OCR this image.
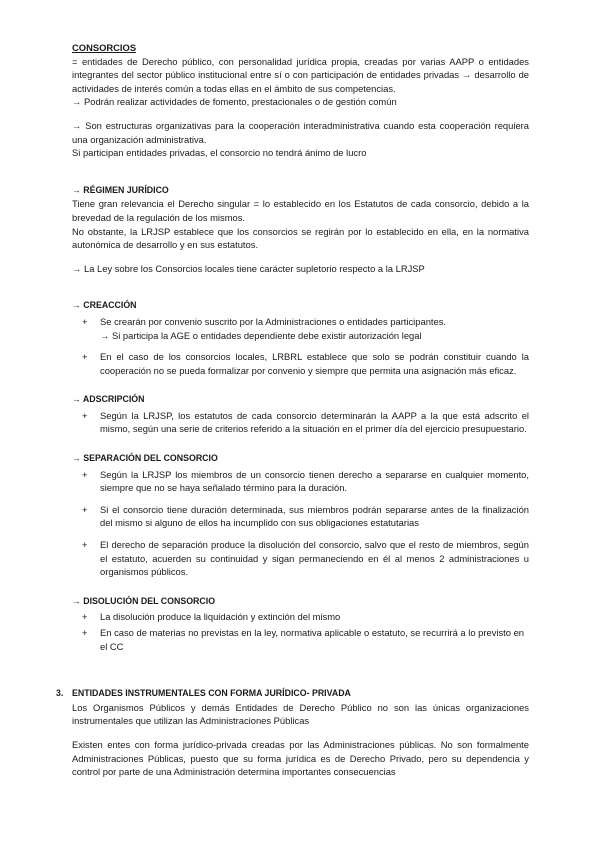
CONSORCIOS

= entidades de Derecho público, con personalidad jurídica propia, creadas por varias AAPP o entidades integrantes del sector público institucional entre sí o con participación de entidades privadas → desarrollo de actividades de interés común a todas ellas en el ámbito de sus competencias.

→ Podrán realizar actividades de fomento, prestacionales o de gestión común

→ Son estructuras organizativas para la cooperación interadministrativa cuando esta cooperación requiera una organización administrativa.

Si participan entidades privadas, el consorcio no tendrá ánimo de lucro

→ RÉGIMEN JURÍDICO

Tiene gran relevancia el Derecho singular = lo establecido en los Estatutos de cada consorcio, debido a la brevedad de la regulación de los mismos.

No obstante, la LRJSP establece que los consorcios se regirán por lo establecido en ella, en la normativa autonómica de desarrollo y en sus estatutos.

→ La Ley sobre los Consorcios locales tiene carácter supletorio respecto a la LRJSP

→ CREACCIÓN

+ Se crearán por convenio suscrito por la Administraciones o entidades participantes.

→ Si participa la AGE o entidades dependiente debe existir autorización legal

+ En el caso de los consorcios locales, LRBRL establece que solo se podrán constituir cuando la cooperación no se pueda formalizar por convenio y siempre que permita una asignación más eficaz.

→ ADSCRIPCIÓN

+ Según la LRJSP, los estatutos de cada consorcio determinarán la AAPP a la que está adscrito el mismo, según una serie de criterios referido a la situación en el primer día del ejercicio presupuestario.

→ SEPARACIÓN DEL CONSORCIO

+ Según la LRJSP los miembros de un consorcio tienen derecho a separarse en cualquier momento, siempre que no se haya señalado término para la duración.

+ Si el consorcio tiene duración determinada, sus miembros podrán separarse antes de la finalización del mismo si alguno de ellos ha incumplido con sus obligaciones estatutarias

+ El derecho de separación produce la disolución del consorcio, salvo que el resto de miembros, según el estatuto, acuerden su continuidad y sigan permaneciendo en él al menos 2 administraciones u organismos públicos.

→ DISOLUCIÓN DEL CONSORCIO

+ La disolución produce la liquidación y extinción del mismo

+ En caso de materias no previstas en la ley, normativa aplicable o estatuto, se recurrirá a lo previsto en el CC

3. ENTIDADES INSTRUMENTALES CON FORMA JURÍDICO- PRIVADA

Los Organismos Públicos y demás Entidades de Derecho Público no son las únicas organizaciones instrumentales que utilizan las Administraciones Públicas

Existen entes con forma jurídico-privada creadas por las Administraciones públicas. No son formalmente Administraciones Públicas, puesto que su forma jurídica es de Derecho Privado, pero su dependencia y control por parte de una Administración determina importantes consecuencias
